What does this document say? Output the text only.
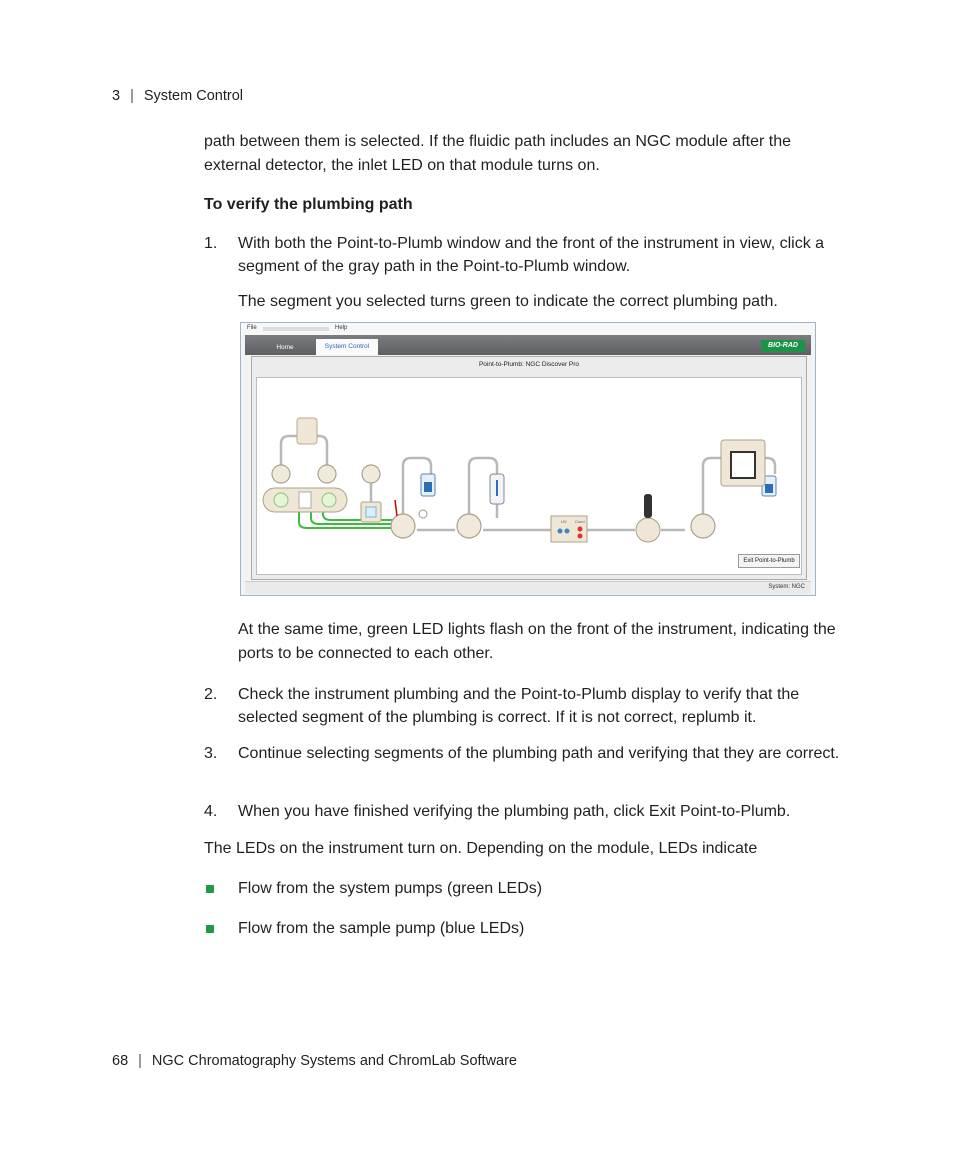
3 | System Control
path between them is selected. If the fluidic path includes an NGC module after the external detector, the inlet LED on that module turns on.
To verify the plumbing path
1. With both the Point-to-Plumb window and the front of the instrument in view, click a segment of the gray path in the Point-to-Plumb window.
The segment you selected turns green to indicate the correct plumbing path.
File	Help
Home	System Control	BIO-RAD
Point-to-Plumb: NGC Discover Pro
UV Cond
Exit Point-to-Plumb
System: NGC
At the same time, green LED lights flash on the front of the instrument, indicating the ports to be connected to each other.
2. Check the instrument plumbing and the Point-to-Plumb display to verify that the selected segment of the plumbing is correct. If it is not correct, replumb it.
3. Continue selecting segments of the plumbing path and verifying that they are correct.
4. When you have finished verifying the plumbing path, click Exit Point-to-Plumb.
The LEDs on the instrument turn on. Depending on the module, LEDs indicate
Flow from the system pumps (green LEDs)
Flow from the sample pump (blue LEDs)
68 | NGC Chromatography Systems and ChromLab Software
